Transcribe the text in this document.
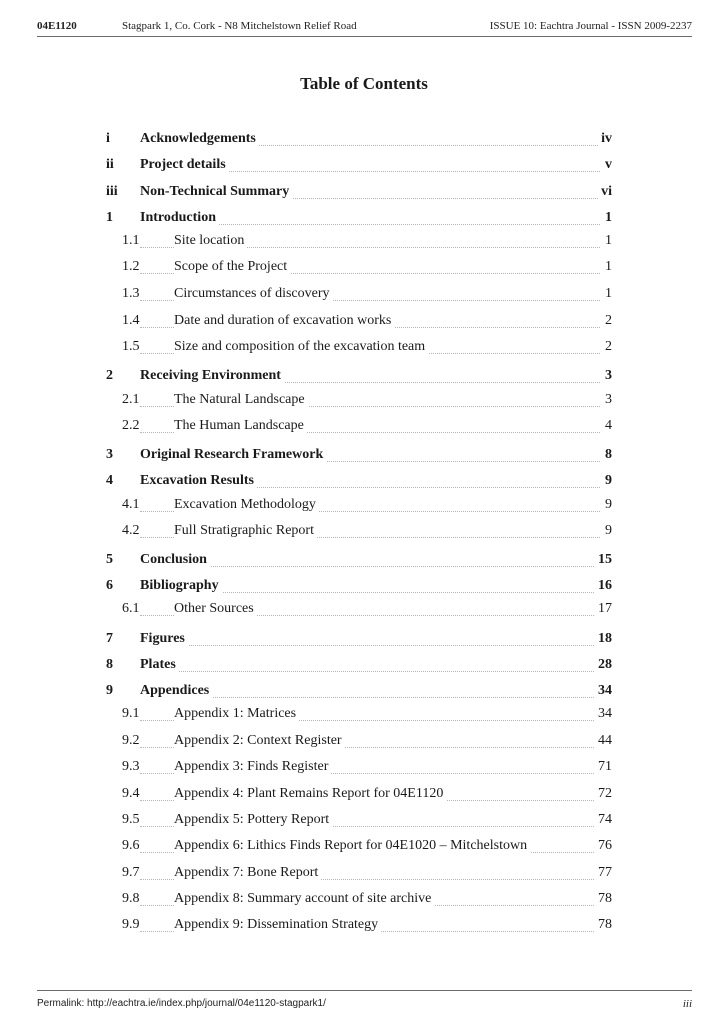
04E1120	Stagpark 1, Co. Cork - N8 Mitchelstown Relief Road	ISSUE 10: Eachtra Journal - ISSN 2009-2237
Table of Contents
i Acknowledgements	iv
ii Project details	v
iii Non-Technical Summary	vi
1 Introduction	1
1.1 Site location	1
1.2 Scope of the Project	1
1.3 Circumstances of discovery	1
1.4 Date and duration of excavation works	2
1.5 Size and composition of the excavation team	2
2 Receiving Environment	3
2.1 The Natural Landscape	3
2.2 The Human Landscape	4
3 Original Research Framework	8
4 Excavation Results	9
4.1 Excavation Methodology	9
4.2 Full Stratigraphic Report	9
5 Conclusion	15
6 Bibliography	16
6.1 Other Sources	17
7 Figures	18
8 Plates	28
9 Appendices	34
9.1 Appendix 1: Matrices	34
9.2 Appendix 2: Context Register	44
9.3 Appendix 3: Finds Register	71
9.4 Appendix 4: Plant Remains Report for 04E1120	72
9.5 Appendix 5: Pottery Report	74
9.6 Appendix 6: Lithics Finds Report for 04E1020 – Mitchelstown	76
9.7 Appendix 7: Bone Report	77
9.8 Appendix 8: Summary account of site archive	78
9.9 Appendix 9: Dissemination Strategy	78
Permalink: http://eachtra.ie/index.php/journal/04e1120-stagpark1/	iii
